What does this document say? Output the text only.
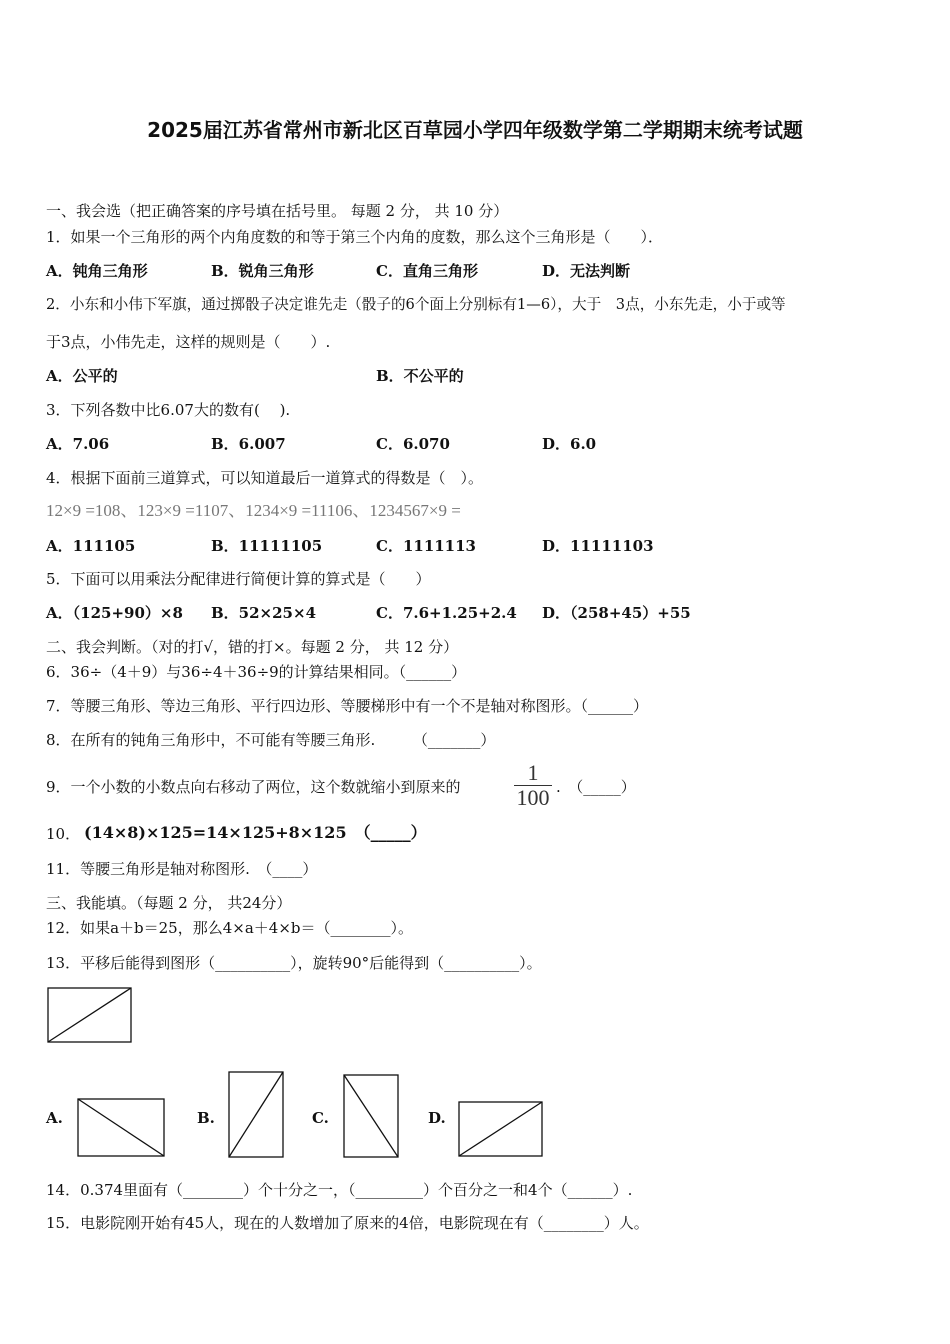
2025届江苏省常州市新北区百草园小学四年级数学第二学期期末统考试题
一、我会选（把正确答案的序号填在括号里。 每题 2 分， 共 10 分）
1．如果一个三角形的两个内角度数的和等于第三个内角的度数，那么这个三角形是（　　）．
A．钝角三角形	B．锐角三角形	C．直角三角形	D．无法判断
2．小东和小伟下军旗，通过掷骰子决定谁先走（骰子的6个面上分别标有1—6），大于　3点，小东先走，小于或等
于3点，小伟先走，这样的规则是（　　）.
A．公平的	B．不公平的
3．下列各数中比6.07大的数有(　 ).
A．7.06	B．6.007	C．6.070	D．6.0
4．根据下面前三道算式，可以知道最后一道算式的得数是（　）。
12×9 =108、123×9 =1107、1234×9 =11106、1234567×9 =
A．111105	B．11111105	C．1111113	D．11111103
5．下面可以用乘法分配律进行简便计算的算式是（　　）
A．（125+90）×8 B．52×25×4	C．7.6+1.25+2.4 D．（258+45）+55
二、我会判断。（对的打√，错的打×。每题 2 分， 共 12 分）
6．36÷（4＋9）与36÷4＋36÷9的计算结果相同。（______）
7．等腰三角形、等边三角形、平行四边形、等腰梯形中有一个不是轴对称图形。（______）
8．在所有的钝角三角形中，不可能有等腰三角形.　　　（_______）
9．一个小数的小数点向右移动了两位，这个数就缩小到原来的
1
100 .　（_____）
10． (14×8)×125=14×125+8×125　（_____）
11．等腰三角形是轴对称图形.　（____）
三、我能填。（每题 2 分， 共24分）
12．如果a＋b＝25，那么4×a＋4×b＝（________）。
13．平移后能得到图形（__________），旋转90°后能得到（__________）。
A.	B.	C.	D.
14．0.374里面有（________）个十分之一，（_________）个百分之一和4个（______）.
15．电影院刚开始有45人，现在的人数增加了原来的4倍，电影院现在有（________）人。
